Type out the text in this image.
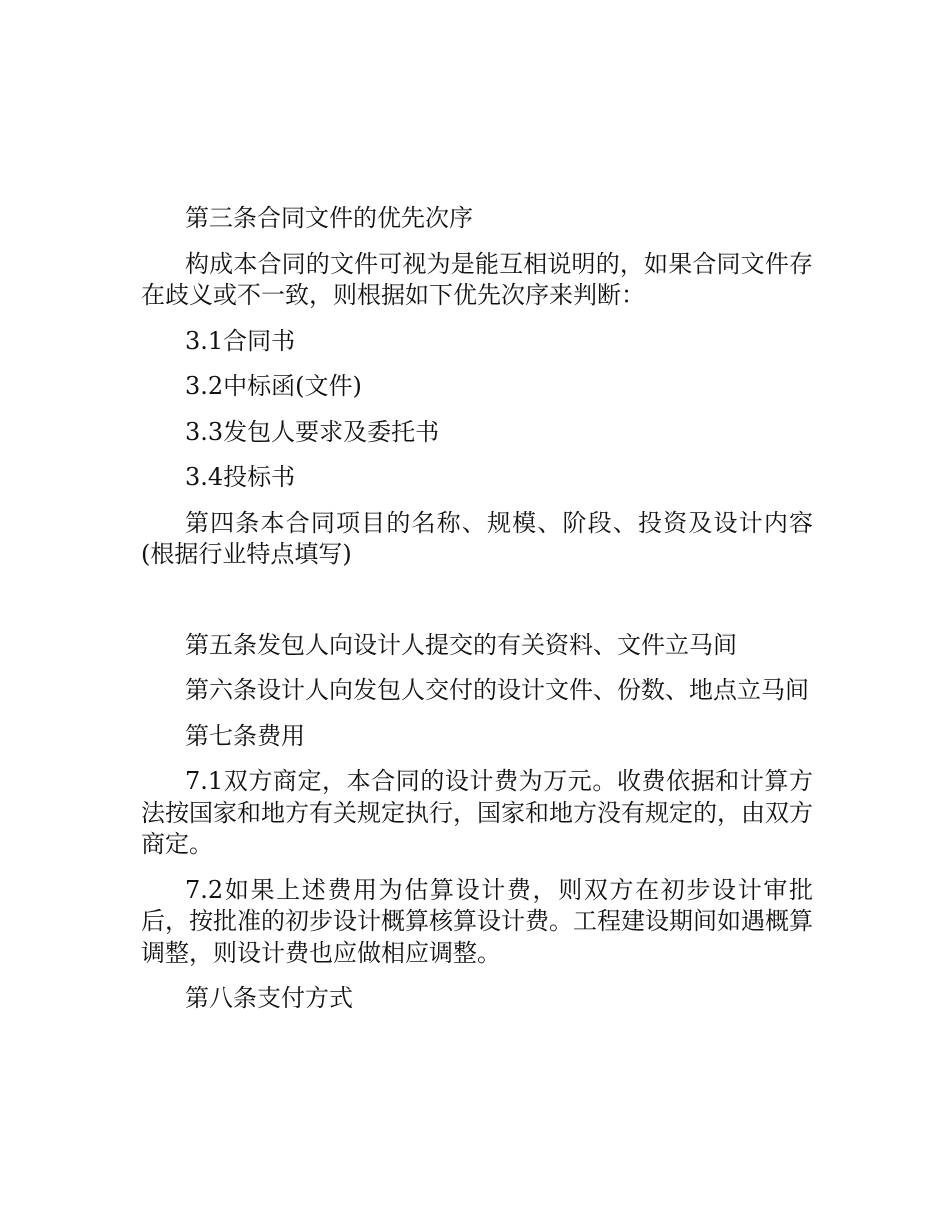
第三条合同文件的优先次序

构成本合同的文件可视为是能互相说明的，如果合同文件存在歧义或不一致，则根据如下优先次序来判断：

3.1合同书

3.2中标函(文件)

3.3发包人要求及委托书

3.4投标书

第四条本合同项目的名称、规模、阶段、投资及设计内容(根据行业特点填写)

第五条发包人向设计人提交的有关资料、文件立马间

第六条设计人向发包人交付的设计文件、份数、地点立马间

第七条费用

7.1双方商定，本合同的设计费为万元。收费依据和计算方法按国家和地方有关规定执行，国家和地方没有规定的，由双方商定。

7.2如果上述费用为估算设计费，则双方在初步设计审批后，按批准的初步设计概算核算设计费。工程建设期间如遇概算调整，则设计费也应做相应调整。

第八条支付方式
